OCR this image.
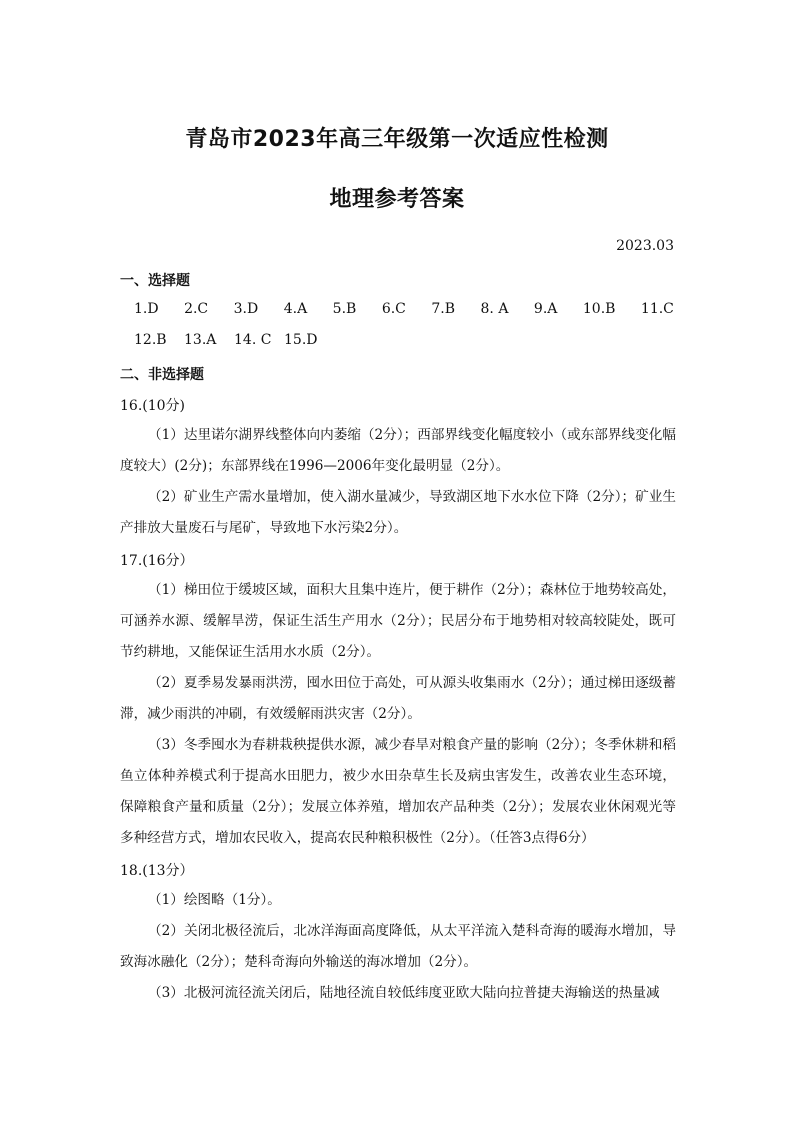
青岛市2023年高三年级第一次适应性检测
地理参考答案
2023.03
一、选择题
1.D 2.C 3.D 4.A 5.B 6.C 7.B 8. A 9.A 10.B 11.C
12.B	13.A	14. C 15.D
二、非选择题
16.(10分)
（1）达里诺尔湖界线整体向内萎缩（2分）；西部界线变化幅度较小（或东部界线变化幅度较大）(2分)；东部界线在1996—2006年变化最明显（2分）。
（2）矿业生产需水量增加，使入湖水量减少，导致湖区地下水水位下降（2分）；矿业生产排放大量废石与尾矿，导致地下水污染2分）。
17.(16分）
（1）梯田位于缓坡区域，面积大且集中连片，便于耕作（2分）；森林位于地势较高处，可涵养水源、缓解旱涝，保证生活生产用水（2分）；民居分布于地势相对较高较陡处，既可节约耕地，又能保证生活用水水质（2分）。
（2）夏季易发暴雨洪涝，囤水田位于高处，可从源头收集雨水（2分）；通过梯田逐级蓄滞，减少雨洪的冲刷，有效缓解雨洪灾害（2分）。
（3）冬季囤水为春耕栽秧提供水源，减少春旱对粮食产量的影响（2分）；冬季休耕和稻鱼立体种养模式利于提高水田肥力，被少水田杂草生长及病虫害发生，改善农业生态环境，保障粮食产量和质量（2分）；发展立体养殖，增加农产品种类（2分）；发展农业休闲观光等多种经营方式，增加农民收入，提高农民种粮积极性（2分）。（任答3点得6分）
18.(13分）
（1）绘图略（1分）。
（2）关闭北极径流后，北冰洋海面高度降低，从太平洋流入楚科奇海的暖海水增加，导致海冰融化（2分）；楚科奇海向外输送的海冰增加（2分）。
（3）北极河流径流关闭后，陆地径流自较低纬度亚欧大陆向拉普捷夫海输送的热量减
